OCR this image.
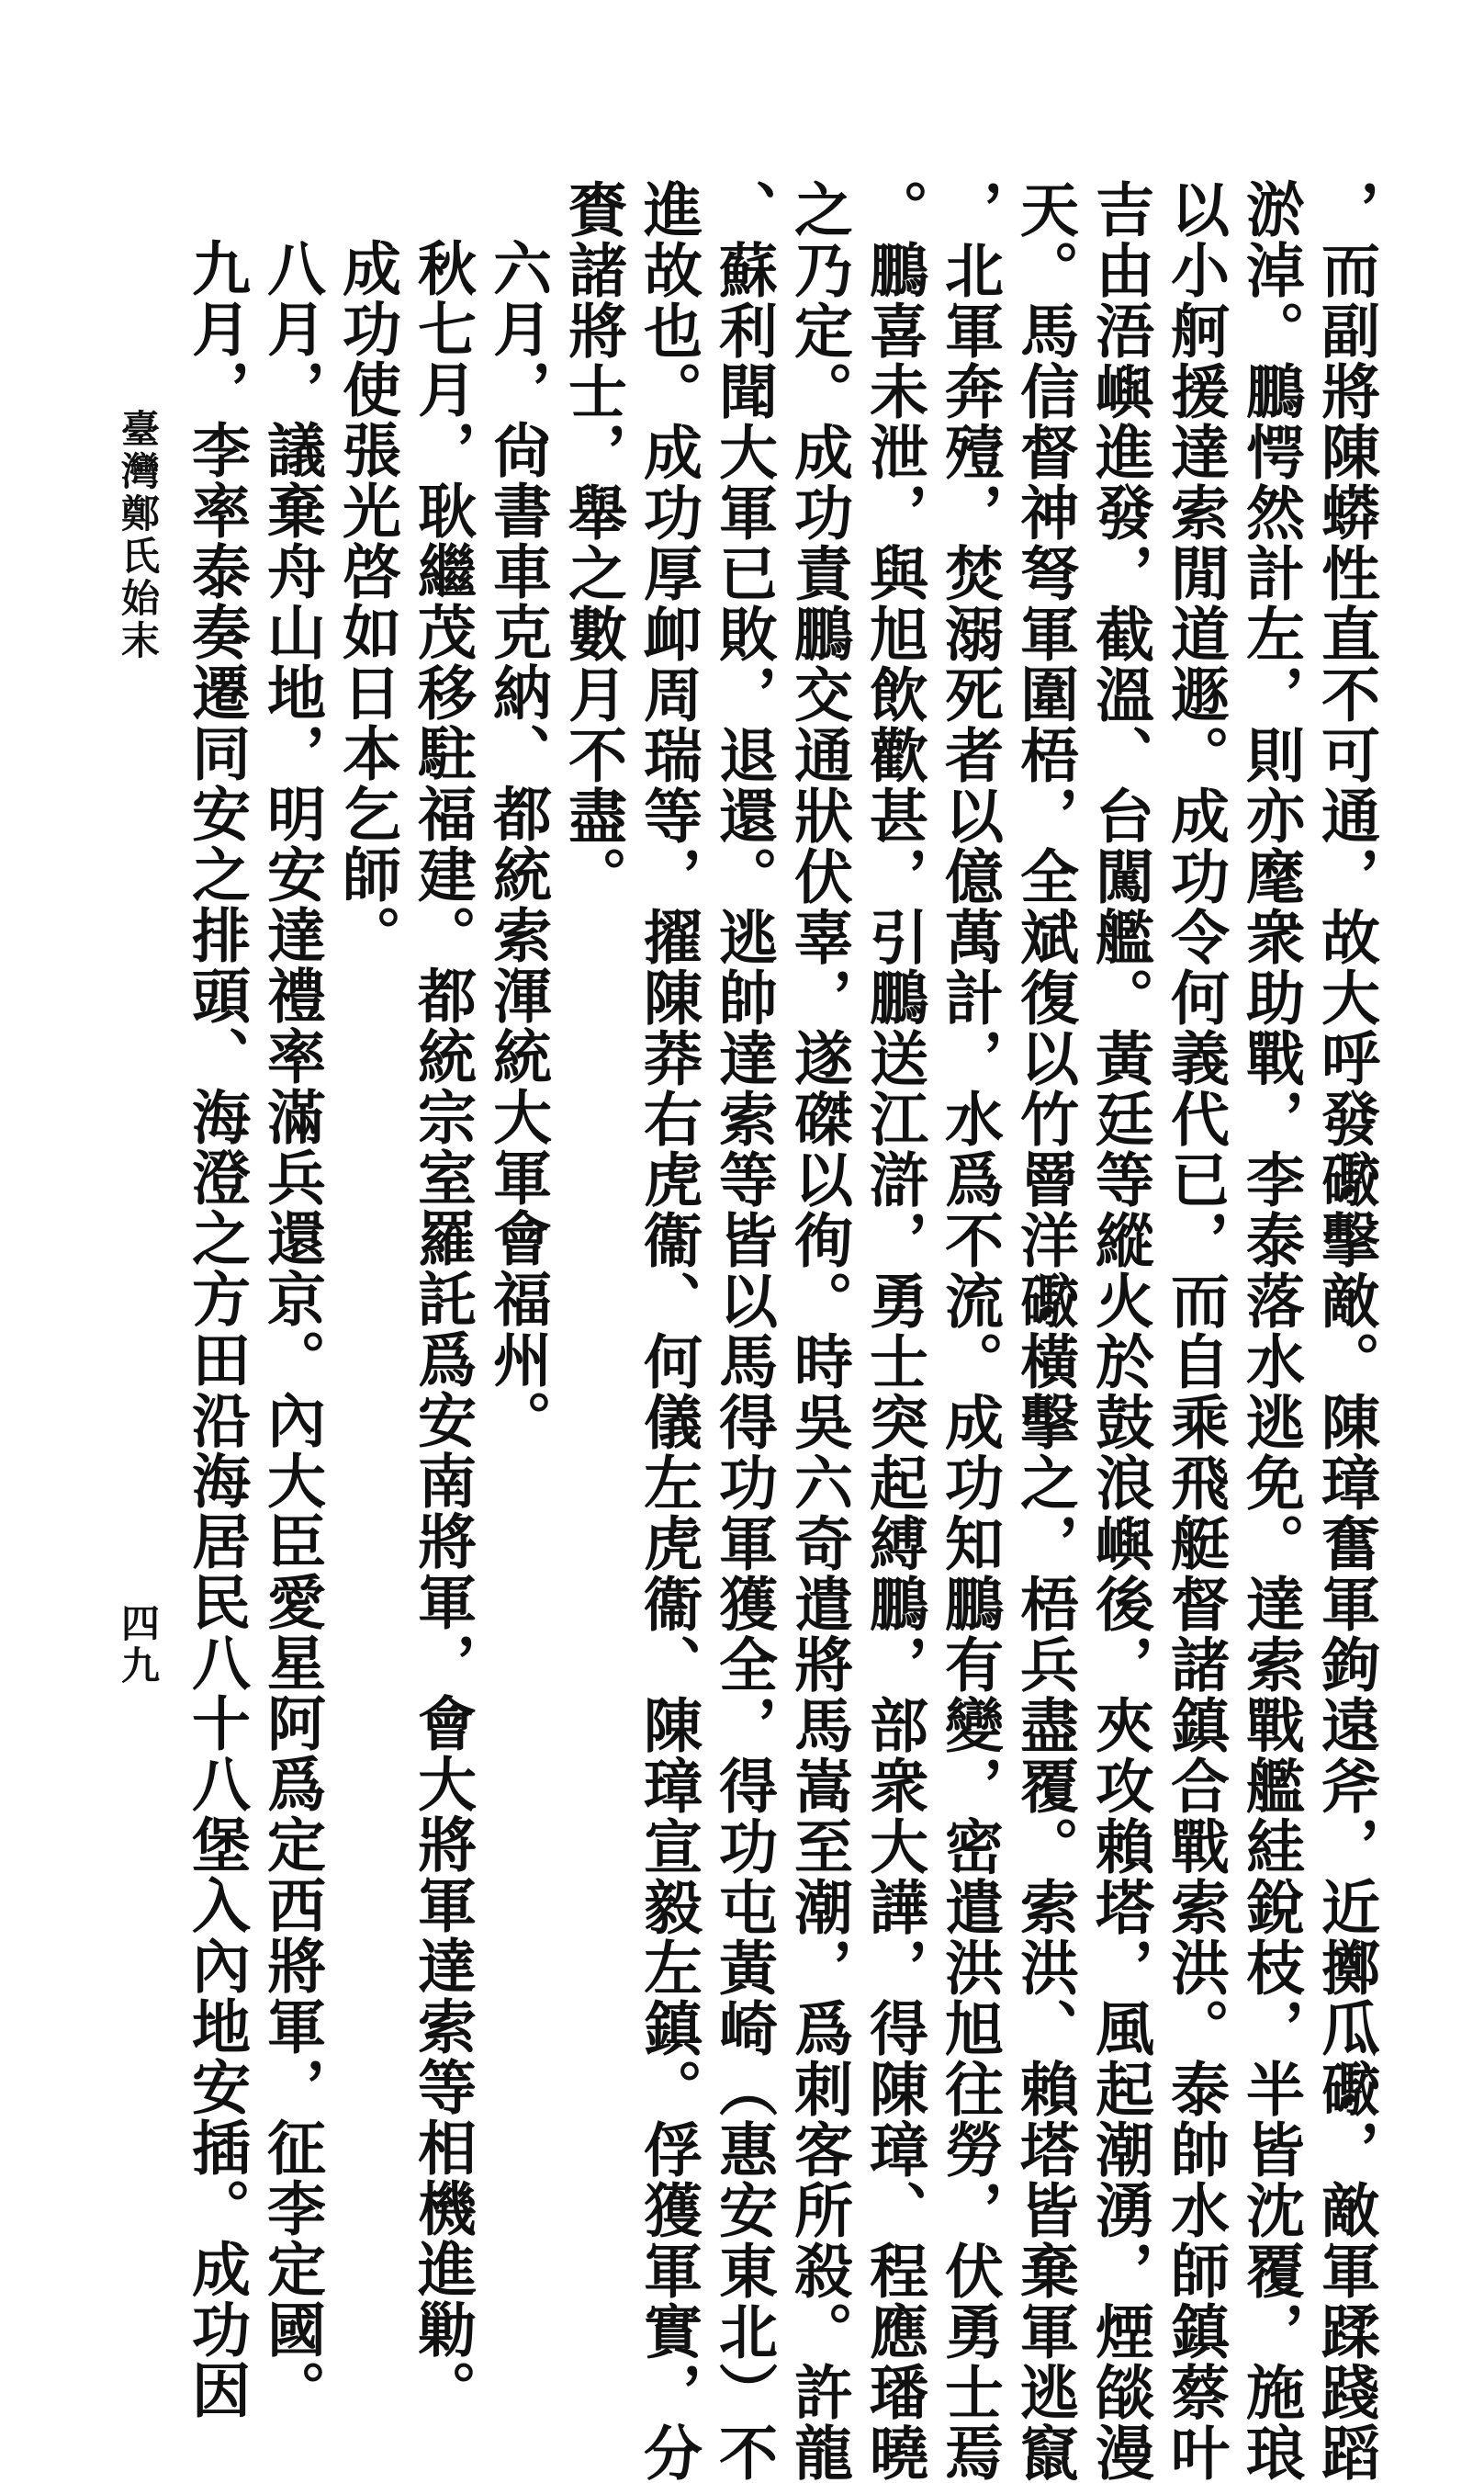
，而副將陳蟒性直不可通，故大呼發礮擊敵。陳璋奮軍鉤遠斧，近擲瓜礮，敵軍蹂踐蹈

淤淖。鵬愕然計左，則亦麾衆助戰，李泰落水逃免。達索戰艦絓銳枝，半皆沈覆，施琅

以小舸援達索閒道遯。成功令何義代已，而自乘飛艇督諸鎮合戰索洪。泰帥水師鎮蔡叶

吉由浯嶼進發，截溫、台闖艦。黃廷等縱火於鼓浪嶼後，夾攻賴塔，風起潮湧，煙燄漫

天。馬信督神弩軍圍梧，全斌復以竹罾洋礮橫擊之，梧兵盡覆。索洪、賴塔皆棄軍逃竄

，北軍奔殪，焚溺死者以億萬計，水爲不流。成功知鵬有變，密遣洪旭往勞，伏勇士焉

。鵬喜未泄，與旭飲歡甚，引鵬送江滸，勇士突起縛鵬，部衆大譁，得陳璋、程應璠曉

之乃定。成功責鵬交通狀伏辜，遂磔以徇。時吳六奇遣將馬嵩至潮，爲刺客所殺。許龍

、蘇利聞大軍已敗，退還。逃帥達索等皆以馬得功軍獲全，得功屯黃崎（惠安東北）不

進故也。成功厚卹周瑞等，擢陳莽右虎衞、何儀左虎衞、陳璋宣毅左鎮。俘獲軍實，分

賚諸將士，舉之數月不盡。

六月，尙書車克納、都統索渾統大軍會福州。

秋七月，耿繼茂移駐福建。都統宗室羅託爲安南將軍，會大將軍達索等相機進勦。

成功使張光啓如日本乞師。

八月，議棄舟山地，明安達禮率滿兵還京。內大臣愛星阿爲定西將軍，征李定國。

九月，李率泰奏遷同安之排頭、海澄之方田沿海居民八十八堡入內地安插。成功因

臺灣鄭氏始末
四九
